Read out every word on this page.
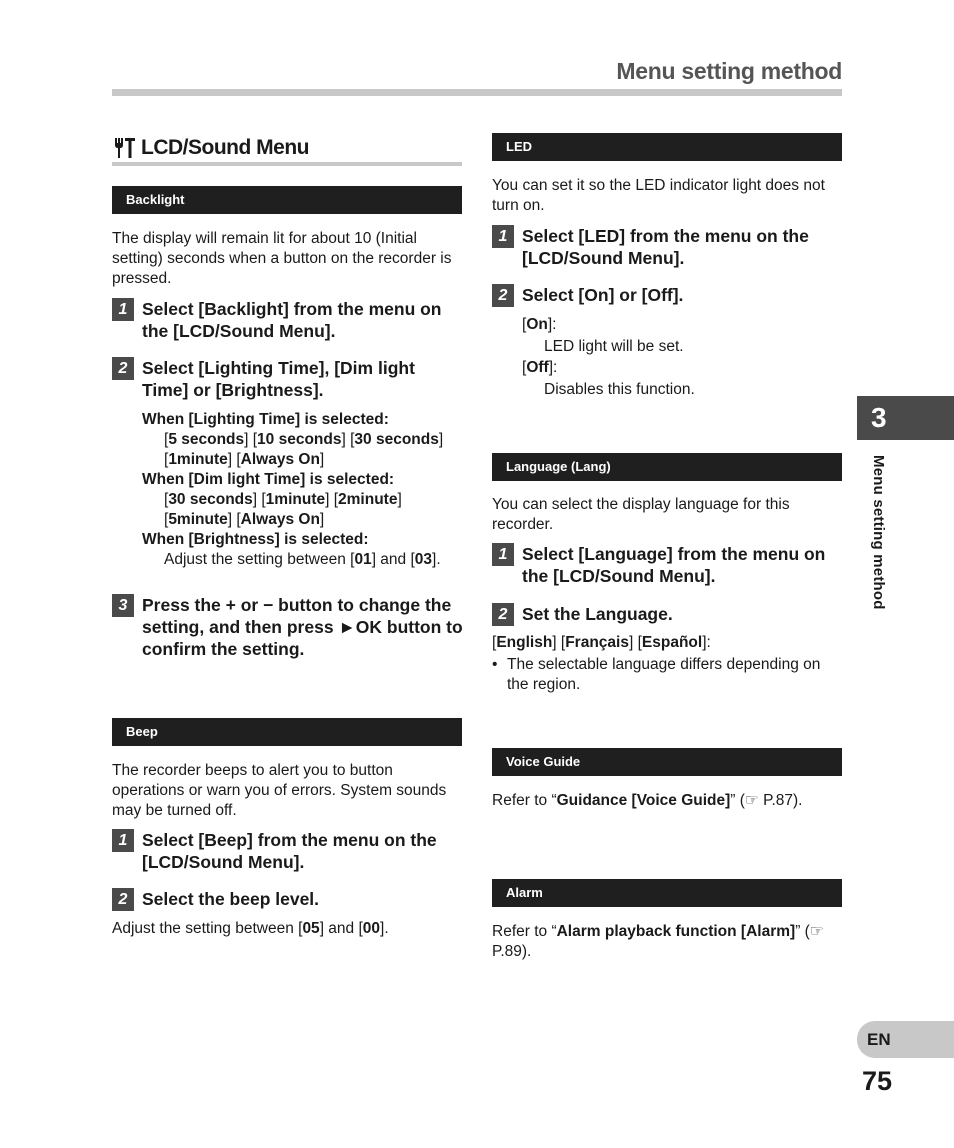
Menu setting method
LCD/Sound Menu
Backlight
The display will remain lit for about 10 (Initial setting) seconds when a button on the recorder is pressed.
1 Select [Backlight] from the menu on the [LCD/Sound Menu].
2 Select [Lighting Time], [Dim light Time] or [Brightness].
When [Lighting Time] is selected:
[5 seconds] [10 seconds] [30 seconds] [1minute] [Always On]
When [Dim light Time] is selected:
[30 seconds] [1minute] [2minute] [5minute] [Always On]
When [Brightness] is selected:
Adjust the setting between [01] and [03].
3 Press the + or − button to change the setting, and then press ►OK button to confirm the setting.
Beep
The recorder beeps to alert you to button operations or warn you of errors. System sounds may be turned off.
1 Select [Beep] from the menu on the [LCD/Sound Menu].
2 Select the beep level.
Adjust the setting between [05] and [00].
LED
You can set it so the LED indicator light does not turn on.
1 Select [LED] from the menu on the [LCD/Sound Menu].
2 Select [On] or [Off].
[On]:
LED light will be set.
[Off]:
Disables this function.
Language (Lang)
You can select the display language for this recorder.
1 Select [Language] from the menu on the [LCD/Sound Menu].
2 Set the Language.
[English] [Français] [Español]:
• The selectable language differs depending on the region.
Voice Guide
Refer to “Guidance [Voice Guide]” (☞ P.87).
Alarm
Refer to “Alarm playback function [Alarm]” (☞ P.89).
3
Menu setting method
EN
75
